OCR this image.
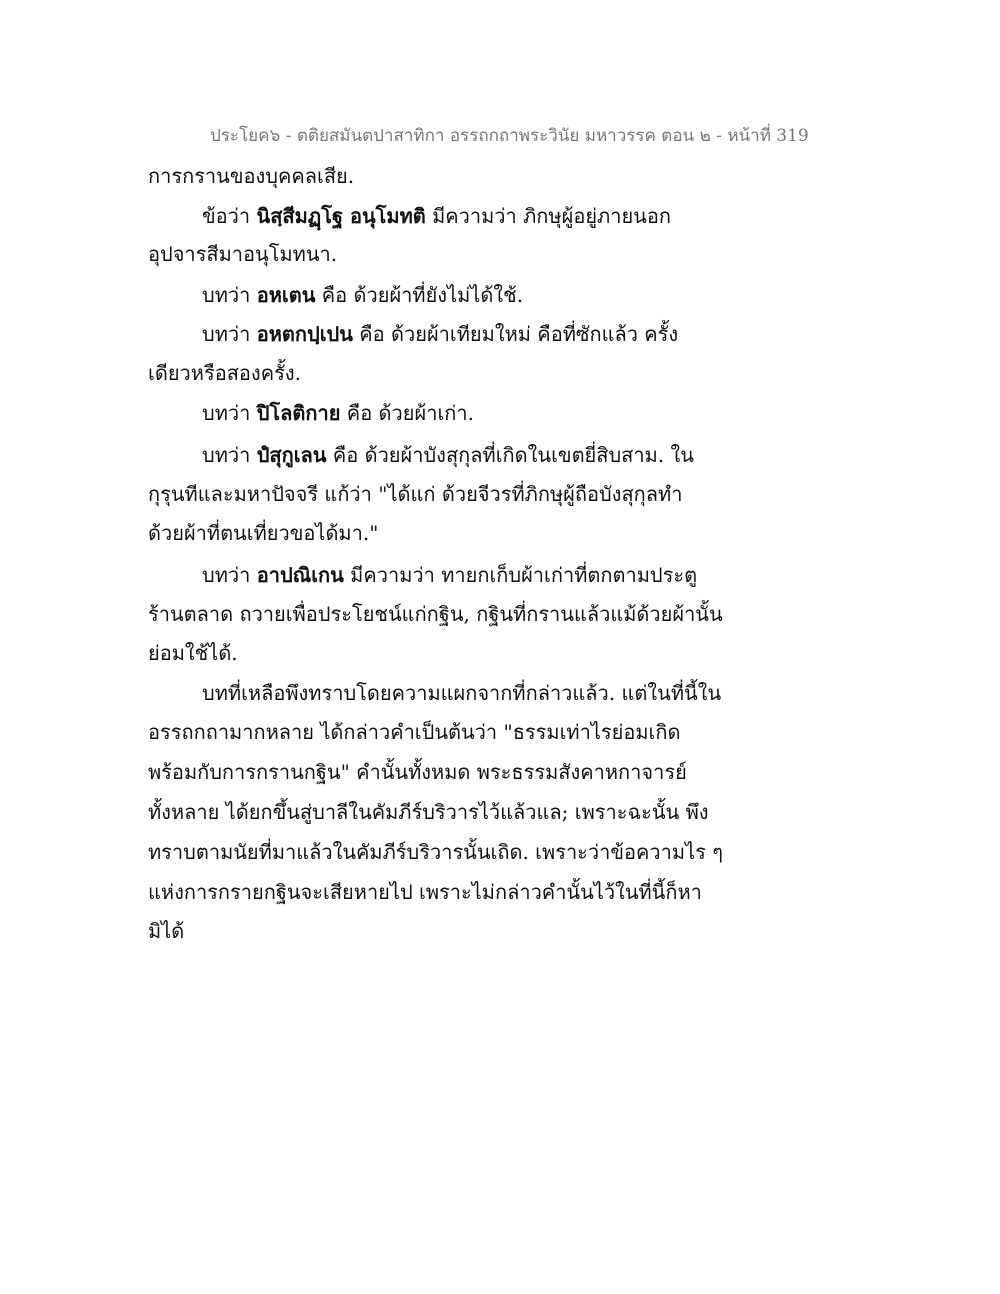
ประโยค๖ - ตติยสมันตปาสาทิกา อรรถกถาพระวินัย มหาวรรค ตอน ๒ - หน้าที่ 319
การกรานของบุคคลเสีย.
ข้อว่า นิสฺสีมฏฺโฐ อนุโมทติ มีความว่า ภิกษุผู้อยู่ภายนอก
อุปจารสีมาอนุโมทนา.
บทว่า อหเตน คือ ด้วยผ้าที่ยังไม่ได้ใช้.
บทว่า อหตกปฺเปน คือ ด้วยผ้าเทียมใหม่ คือที่ซักแล้ว ครั้ง
เดียวหรือสองครั้ง.
บทว่า ปิโลติกาย คือ ด้วยผ้าเก่า.
บทว่า ปํสุกูเลน คือ ด้วยผ้าบังสุกุลที่เกิดในเขตยี่สิบสาม. ใน
กุรุนทีและมหาปัจจรี แก้ว่า "ได้แก่ ด้วยจีวรที่ภิกษุผู้ถือบังสุกุลทำ
ด้วยผ้าที่ตนเที่ยวขอได้มา."
บทว่า อาปณิเกน มีความว่า ทายกเก็บผ้าเก่าที่ตกตามประตู
ร้านตลาด ถวายเพื่อประโยชน์แก่กฐิน, กฐินที่กรานแล้วแม้ด้วยผ้านั้น
ย่อมใช้ได้.
บทที่เหลือพึงทราบโดยความแผกจากที่กล่าวแล้ว. แต่ในที่นี้ใน
อรรถกถามากหลาย ได้กล่าวคำเป็นต้นว่า "ธรรมเท่าไรย่อมเกิด
พร้อมกับการกรานกฐิน" คำนั้นทั้งหมด พระธรรมสังคาหกาจารย์
ทั้งหลาย ได้ยกขึ้นสู่บาลีในคัมภีร์บริวารไว้แล้วแล; เพราะฉะนั้น พึง
ทราบตามนัยที่มาแล้วในคัมภีร์บริวารนั้นเถิด. เพราะว่าข้อความไร ๆ
แห่งการกรายกฐินจะเสียหายไป เพราะไม่กล่าวคำนั้นไว้ในที่นี้ก็หา
มิได้
